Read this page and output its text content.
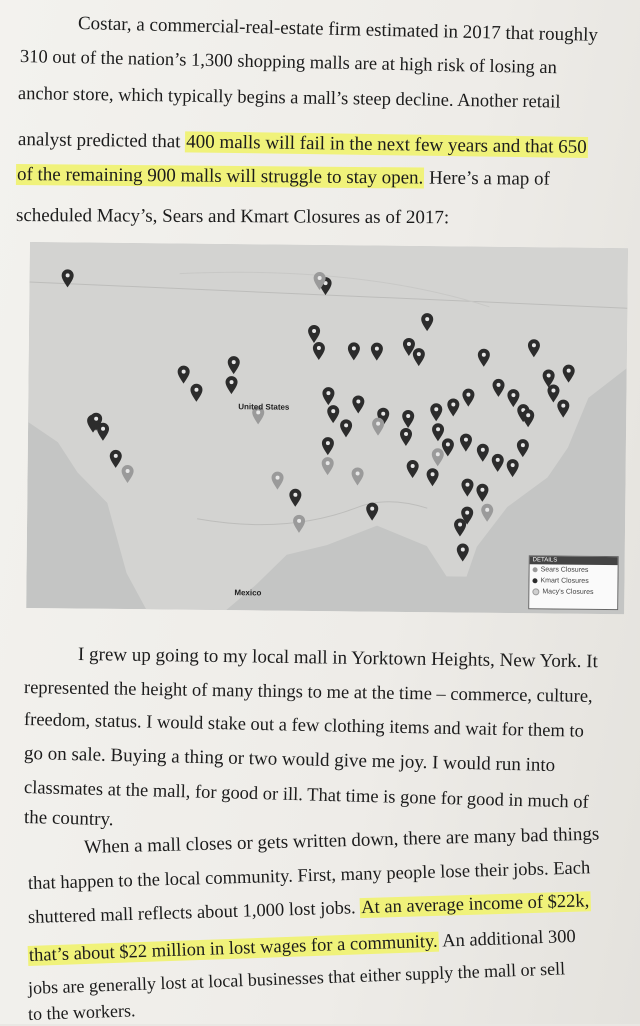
Costar, a commercial-real-estate firm estimated in 2017 that roughly
310 out of the nation’s 1,300 shopping malls are at high risk of losing an
anchor store, which typically begins a mall’s steep decline. Another retail
analyst predicted that 400 malls will fail in the next few years and that 650
of the remaining 900 malls will struggle to stay open. Here’s a map of
scheduled Macy’s, Sears and Kmart Closures as of 2017:
United States
Mexico
DETAILS
Sears Closures
Kmart Closures
Macy's Closures
I grew up going to my local mall in Yorktown Heights, New York. It
represented the height of many things to me at the time – commerce, culture,
freedom, status. I would stake out a few clothing items and wait for them to
go on sale. Buying a thing or two would give me joy. I would run into
classmates at the mall, for good or ill. That time is gone for good in much of
the country.
When a mall closes or gets written down, there are many bad things
that happen to the local community. First, many people lose their jobs. Each
shuttered mall reflects about 1,000 lost jobs. At an average income of $22k,
that’s about $22 million in lost wages for a community. An additional 300
jobs are generally lost at local businesses that either supply the mall or sell
to the workers.
